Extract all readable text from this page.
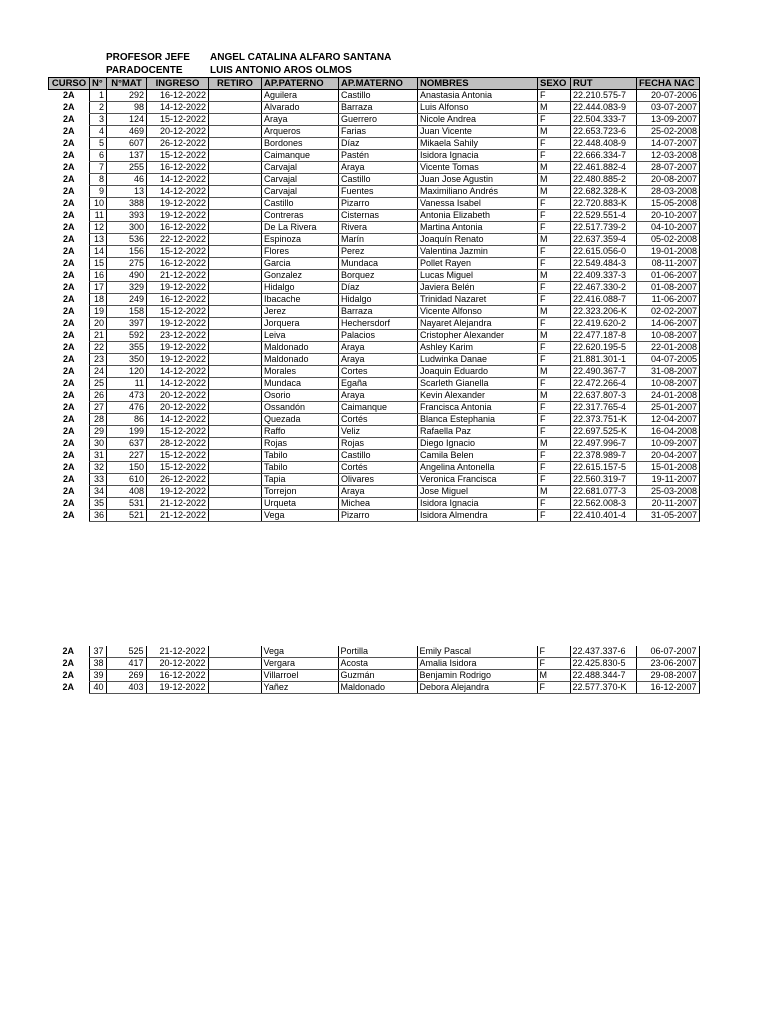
PROFESOR JEFE ANGEL CATALINA ALFARO SANTANA
PARADOCENTE	LUIS ANTONIO AROS OLMOS
CURSO	N°	N°MAT	INGRESO	RETIRO	AP.PATERNO	AP.MATERNO	NOMBRES	SEXO	RUT	FECHA NAC
2A	1	292	16-12-2022		Aguilera	Castillo	Anastasia Antonia	F	22.210.575-7	20-07-2006
2A	2	98	14-12-2022		Alvarado	Barraza	Luis Alfonso	M	22.444.083-9	03-07-2007
2A	3	124	15-12-2022		Araya	Guerrero	Nicole Andrea	F	22.504.333-7	13-09-2007
2A	4	469	20-12-2022		Arqueros	Farias	Juan Vicente	M	22.653.723-6	25-02-2008
2A	5	607	26-12-2022		Bordones	Díaz	Mikaela Sahily	F	22.448.408-9	14-07-2007
2A	6	137	15-12-2022		Caimanque	Pastén	Isidora Ignacia	F	22.666.334-7	12-03-2008
2A	7	255	16-12-2022		Carvajal	Araya	Vicente Tomas	M	22.461.882-4	28-07-2007
2A	8	46	14-12-2022		Carvajal	Castillo	Juan Jose Agustin	M	22.480.885-2	20-08-2007
2A	9	13	14-12-2022		Carvajal	Fuentes	Maximiliano Andrés	M	22.682.328-K	28-03-2008
2A	10	388	19-12-2022		Castillo	Pizarro	Vanessa Isabel	F	22.720.883-K	15-05-2008
2A	11	393	19-12-2022		Contreras	Cisternas	Antonia Elizabeth	F	22.529.551-4	20-10-2007
2A	12	300	16-12-2022		De La Rivera	Rivera	Martina Antonia	F	22.517.739-2	04-10-2007
2A	13	536	22-12-2022		Espinoza	Marín	Joaquín Renato	M	22.637.359-4	05-02-2008
2A	14	156	15-12-2022		Flores	Perez	Valentina Jazmin	F	22.615.056-0	19-01-2008
2A	15	275	16-12-2022		Garcia	Mundaca	Pollet Rayen	F	22.549.484-3	08-11-2007
2A	16	490	21-12-2022		Gonzalez	Borquez	Lucas Miguel	M	22.409.337-3	01-06-2007
2A	17	329	19-12-2022		Hidalgo	Díaz	Javiera Belén	F	22.467.330-2	01-08-2007
2A	18	249	16-12-2022		Ibacache	Hidalgo	Trinidad Nazaret	F	22.416.088-7	11-06-2007
2A	19	158	15-12-2022		Jerez	Barraza	Vicente Alfonso	M	22.323.206-K	02-02-2007
2A	20	397	19-12-2022		Jorquera	Hechersdorf	Nayaret Alejandra	F	22.419.620-2	14-06-2007
2A	21	592	23-12-2022		Leiva	Palacios	Cristopher Alexander	M	22.477.187-8	10-08-2007
2A	22	355	19-12-2022		Maldonado	Araya	Ashley Karim	F	22.620.195-5	22-01-2008
2A	23	350	19-12-2022		Maldonado	Araya	Ludwinka Danae	F	21.881.301-1	04-07-2005
2A	24	120	14-12-2022		Morales	Cortes	Joaquin Eduardo	M	22.490.367-7	31-08-2007
2A	25	11	14-12-2022		Mundaca	Egaña	Scarleth Gianella	F	22.472.266-4	10-08-2007
2A	26	473	20-12-2022		Osorio	Araya	Kevin Alexander	M	22.637.807-3	24-01-2008
2A	27	476	20-12-2022		Ossandón	Caimanque	Francisca Antonia	F	22.317.765-4	25-01-2007
2A	28	86	14-12-2022		Quezada	Cortés	Blanca Estephania	F	22.373.751-K	12-04-2007
2A	29	199	15-12-2022		Raffo	Veliz	Rafaella Paz	F	22.697.525-K	16-04-2008
2A	30	637	28-12-2022		Rojas	Rojas	Diego Ignacio	M	22.497.996-7	10-09-2007
2A	31	227	15-12-2022		Tabilo	Castillo	Camila Belen	F	22.378.989-7	20-04-2007
2A	32	150	15-12-2022		Tabilo	Cortés	Angelina Antonella	F	22.615.157-5	15-01-2008
2A	33	610	26-12-2022		Tapia	Olivares	Veronica Francisca	F	22.560.319-7	19-11-2007
2A	34	408	19-12-2022		Torrejon	Araya	Jose Miguel	M	22.681.077-3	25-03-2008
2A	35	531	21-12-2022		Urqueta	Michea	Isidora Ignacia	F	22.562.008-3	20-11-2007
2A	36	521	21-12-2022		Vega	Pizarro	Isidora Almendra	F	22.410.401-4	31-05-2007
2A	37	525	21-12-2022		Vega	Portilla	Emily Pascal	F	22.437.337-6	06-07-2007
2A	38	417	20-12-2022		Vergara	Acosta	Amalia Isidora	F	22.425.830-5	23-06-2007
2A	39	269	16-12-2022		Villarroel	Guzmán	Benjamin Rodrigo	M	22.488.344-7	29-08-2007
2A	40	403	19-12-2022		Yañez	Maldonado	Debora Alejandra	F	22.577.370-K	16-12-2007
